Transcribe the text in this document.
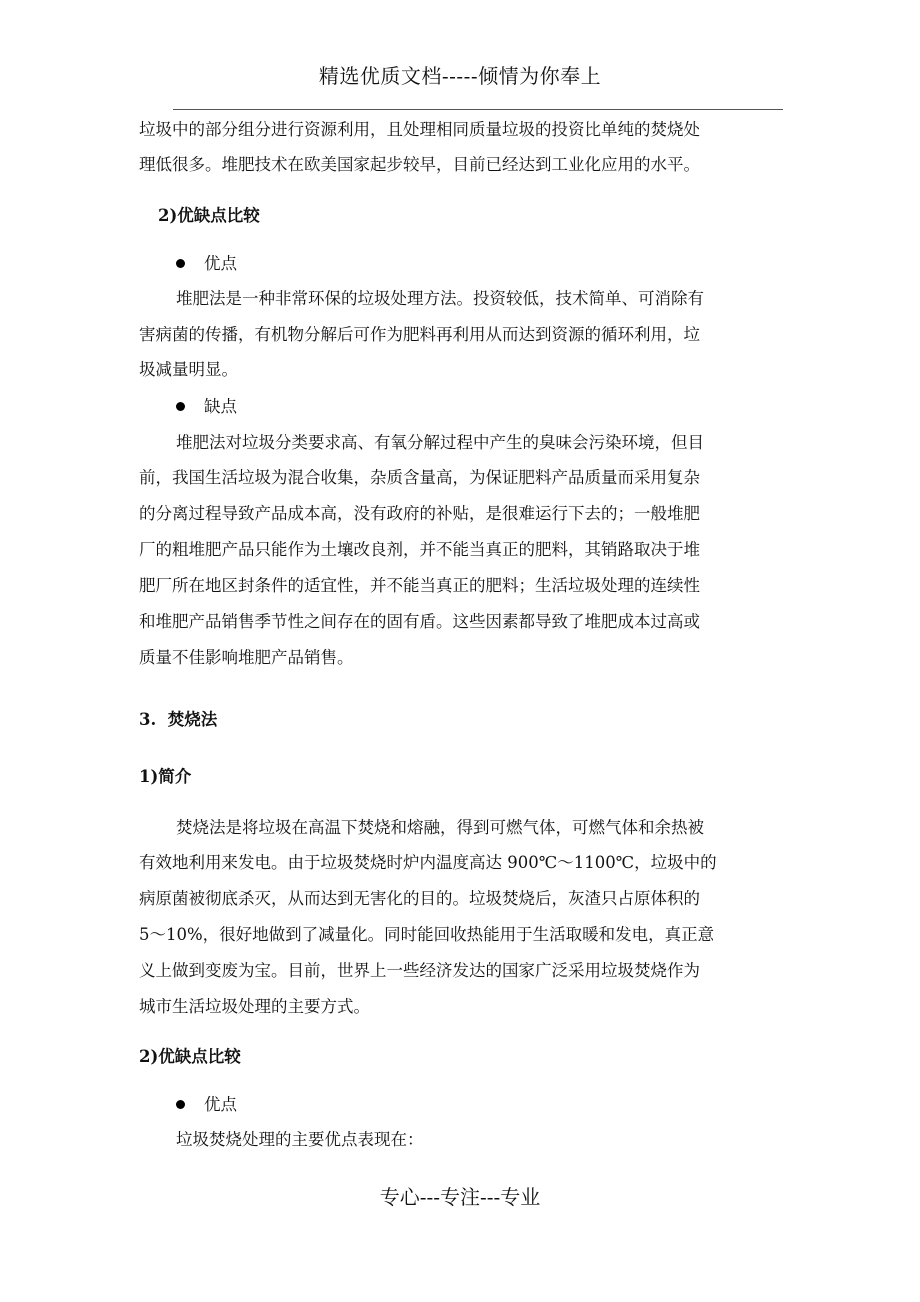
精选优质文档-----倾情为你奉上
垃圾中的部分组分进行资源利用，且处理相同质量垃圾的投资比单纯的焚烧处
理低很多。堆肥技术在欧美国家起步较早，目前已经达到工业化应用的水平。
2)优缺点比较
优点
堆肥法是一种非常环保的垃圾处理方法。投资较低，技术简单、可消除有
害病菌的传播，有机物分解后可作为肥料再利用从而达到资源的循环利用，垃
圾减量明显。
缺点
堆肥法对垃圾分类要求高、有氧分解过程中产生的臭味会污染环境，但目
前，我国生活垃圾为混合收集，杂质含量高，为保证肥料产品质量而采用复杂
的分离过程导致产品成本高，没有政府的补贴，是很难运行下去的；一般堆肥
厂的粗堆肥产品只能作为土壤改良剂，并不能当真正的肥料，其销路取决于堆
肥厂所在地区封条件的适宜性，并不能当真正的肥料；生活垃圾处理的连续性
和堆肥产品销售季节性之间存在的固有盾。这些因素都导致了堆肥成本过高或
质量不佳影响堆肥产品销售。
3.  焚烧法
1)简介
焚烧法是将垃圾在高温下焚烧和熔融，得到可燃气体，可燃气体和余热被
有效地利用来发电。由于垃圾焚烧时炉内温度高达 900℃～1100℃，垃圾中的
病原菌被彻底杀灭，从而达到无害化的目的。垃圾焚烧后，灰渣只占原体积的
5～10%，很好地做到了减量化。同时能回收热能用于生活取暖和发电，真正意
义上做到变废为宝。目前，世界上一些经济发达的国家广泛采用垃圾焚烧作为
城市生活垃圾处理的主要方式。
2)优缺点比较
优点
垃圾焚烧处理的主要优点表现在：
专心---专注---专业
